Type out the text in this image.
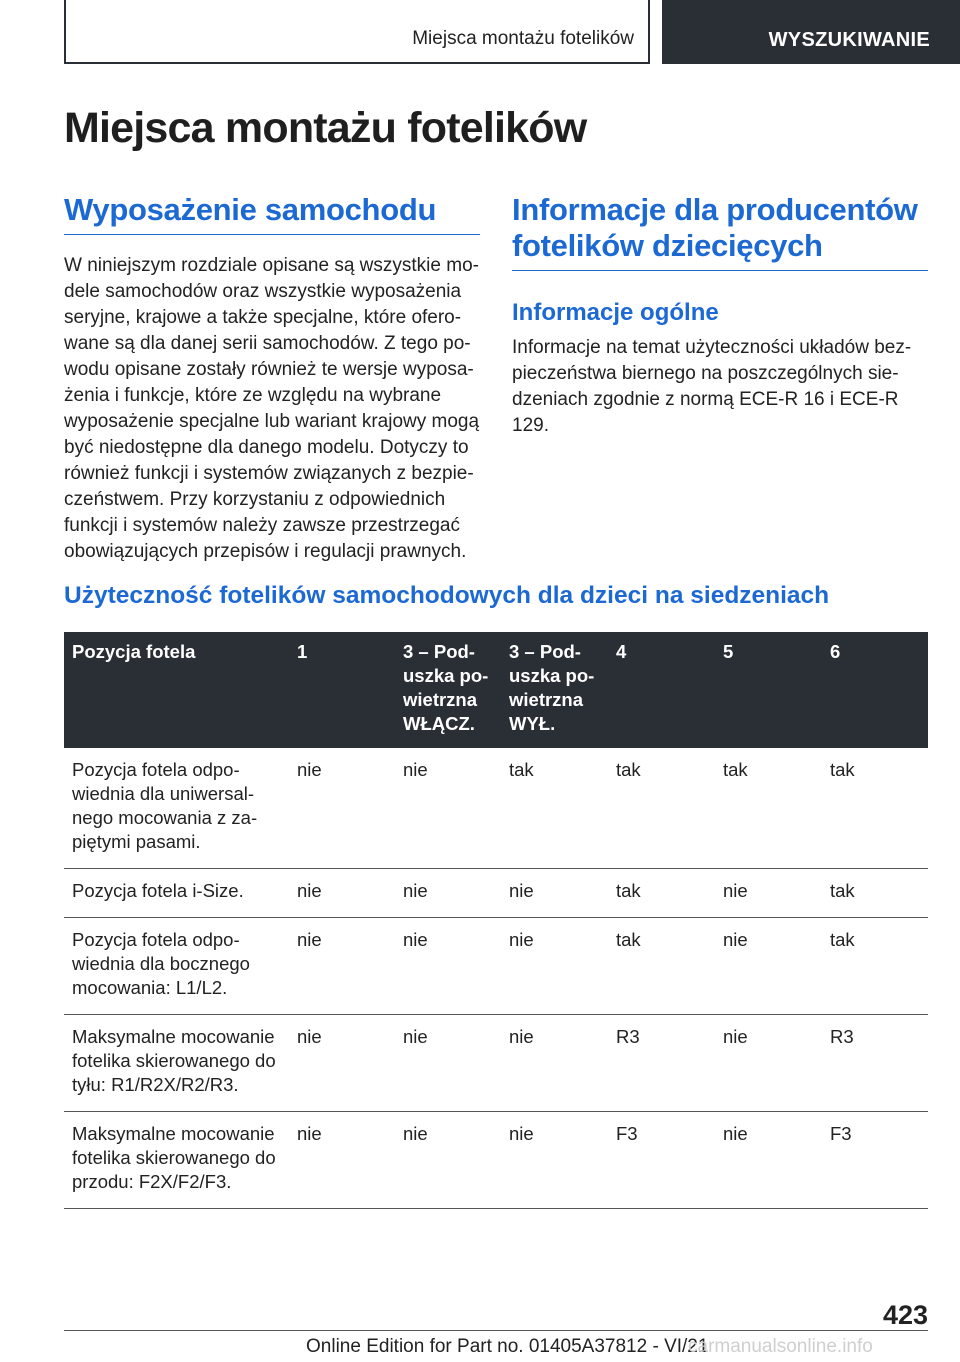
Miejsca montażu fotelików	WYSZUKIWANIE
Miejsca montażu fotelików
Wyposażenie samochodu

W niniejszym rozdziale opisane są wszystkie mo-dele samochodów oraz wszystkie wyposażenia seryjne, krajowe a także specjalne, które ofero-wane są dla danej serii samochodów. Z tego po-wodu opisane zostały również te wersje wyposa-żenia i funkcje, które ze względu na wybrane wyposażenie specjalne lub wariant krajowy mogą być niedostępne dla danego modelu. Dotyczy to również funkcji i systemów związanych z bezpie-czeństwem. Przy korzystaniu z odpowiednich funkcji i systemów należy zawsze przestrzegać obowiązujących przepisów i regulacji prawnych.

Informacje dla producentów fotelików dziecięcych
Informacje ogólne

Informacje na temat użyteczności układów bez-pieczeństwa biernego na poszczególnych sie-dzeniach zgodnie z normą ECE-R 16 i ECE-R 129.

Użyteczność fotelików samochodowych dla dzieci na siedzeniach
Pozycja fotela	1	3 – Pod-uszka po-wietrzna WŁĄCZ.	3 – Pod-uszka po-wietrzna WYŁ.	4	5	6
Pozycja fotela odpo-wiednia dla uniwersal-nego mocowania z za-piętymi pasami.	nie	nie	tak	tak	tak	tak
Pozycja fotela i-Size.	nie	nie	nie	tak	nie	tak
Pozycja fotela odpo-wiednia dla bocznego mocowania: L1/L2.	nie	nie	nie	tak	nie	tak
Maksymalne mocowanie fotelika skierowanego do tyłu: R1/R2X/R2/R3.	nie	nie	nie	R3	nie	R3
Maksymalne mocowanie fotelika skierowanego do przodu: F2X/F2/F3.	nie	nie	nie	F3	nie	F3
423
Online Edition for Part no. 01405A37812 - VI/21
carmanualsonline.info
